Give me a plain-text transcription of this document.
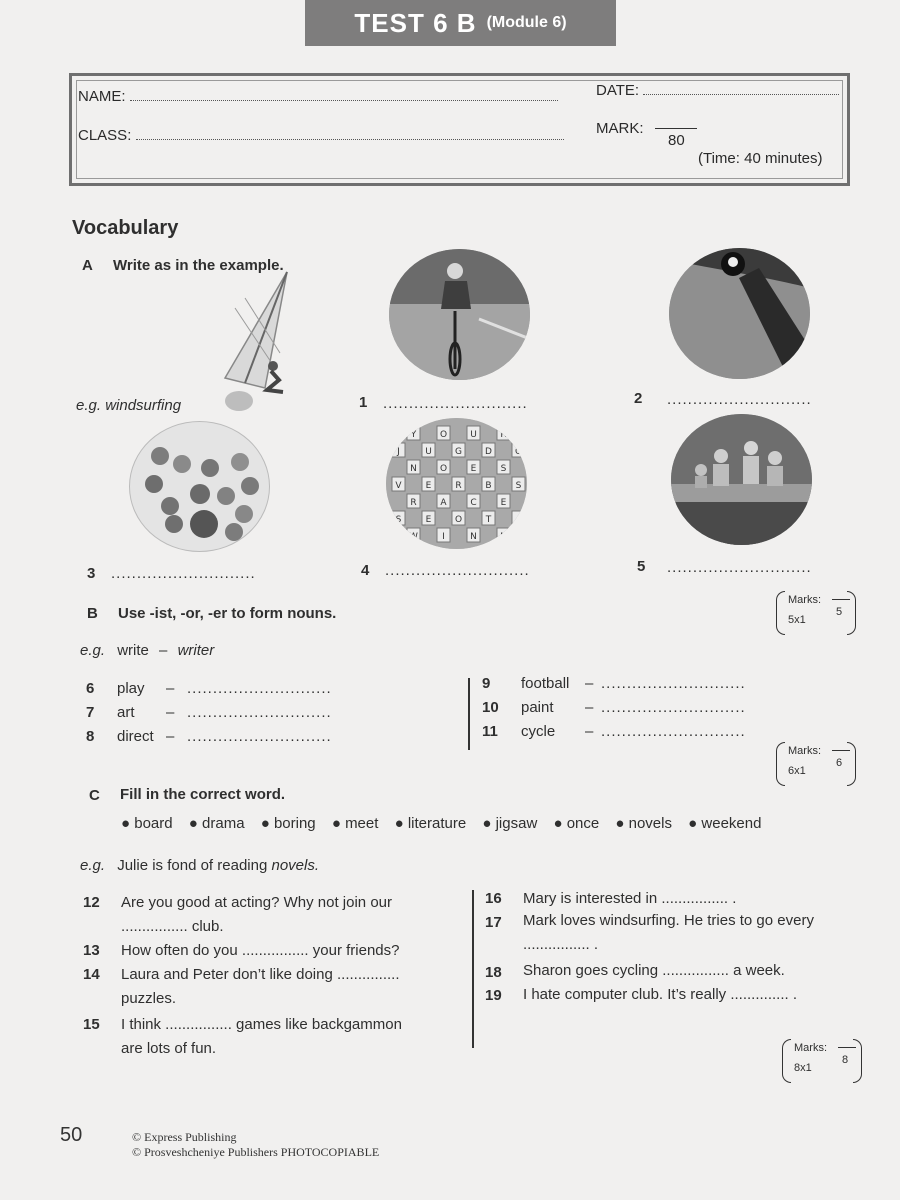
TEST 6 B (Module 6)
NAME:	DATE:
CLASS:	MARK:
80
(Time: 40 minutes)
Vocabulary
A Write as in the example.
e.g. windsurfing
Y	O	U	R
J	U	G	D	O
N	O	E	S
V	E	R	B	S
R	A	C	E
S	E	O	T	I
W	I	N	N
1 ............................	2 ............................
3 ............................	4 ............................	5 ............................
Marks:
5
5x1
B Use -ist, -or, -er to form nouns.
e.g. write – writer
6 play – ............................
7 art – ............................
8 direct – ............................
9 football – ............................
10 paint – ............................
11 cycle – ............................
Marks:
6
6x1
C Fill in the correct word.
● board ● drama ● boring ● meet ● literature ● jigsaw ● once ● novels ● weekend
e.g. Julie is fond of reading novels.
12 Are you good at acting? Why not join our
................ club.
13 How often do you ................ your friends?
14 Laura and Peter don’t like doing ...............
puzzles.
15 I think ................ games like backgammon
are lots of fun.
16 Mary is interested in ................ .
17 Mark loves windsurfing. He tries to go every
................ .
18 Sharon goes cycling ................ a week.
19 I hate computer club. It’s really .............. .
Marks:
8
8x1
50	© Express Publishing
© Prosveshcheniye Publishers PHOTOCOPIABLE
